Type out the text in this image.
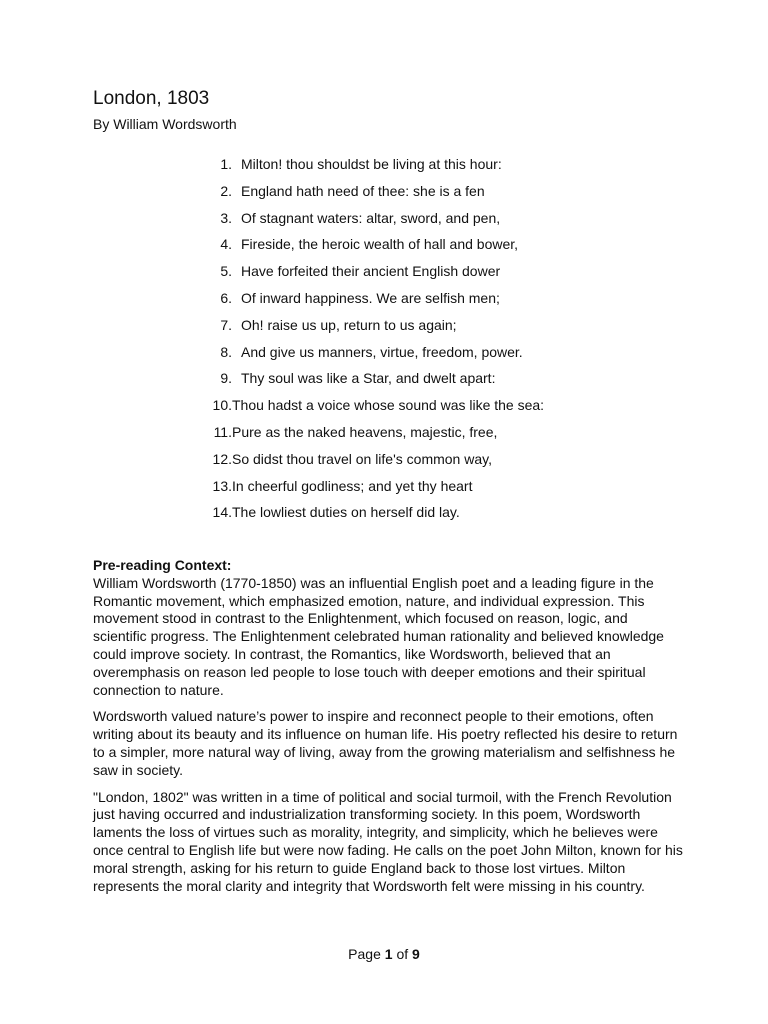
London, 1803
By William Wordsworth
1. Milton! thou shouldst be living at this hour:
2. England hath need of thee: she is a fen
3. Of stagnant waters: altar, sword, and pen,
4. Fireside, the heroic wealth of hall and bower,
5. Have forfeited their ancient English dower
6. Of inward happiness. We are selfish men;
7. Oh! raise us up, return to us again;
8. And give us manners, virtue, freedom, power.
9. Thy soul was like a Star, and dwelt apart:
10. Thou hadst a voice whose sound was like the sea:
11. Pure as the naked heavens, majestic, free,
12. So didst thou travel on life's common way,
13. In cheerful godliness; and yet thy heart
14. The lowliest duties on herself did lay.
Pre-reading Context:

William Wordsworth (1770-1850) was an influential English poet and a leading figure in the Romantic movement, which emphasized emotion, nature, and individual expression. This movement stood in contrast to the Enlightenment, which focused on reason, logic, and scientific progress. The Enlightenment celebrated human rationality and believed knowledge could improve society. In contrast, the Romantics, like Wordsworth, believed that an overemphasis on reason led people to lose touch with deeper emotions and their spiritual connection to nature.

Wordsworth valued nature’s power to inspire and reconnect people to their emotions, often writing about its beauty and its influence on human life. His poetry reflected his desire to return to a simpler, more natural way of living, away from the growing materialism and selfishness he saw in society.

"London, 1802" was written in a time of political and social turmoil, with the French Revolution just having occurred and industrialization transforming society. In this poem, Wordsworth laments the loss of virtues such as morality, integrity, and simplicity, which he believes were once central to English life but were now fading. He calls on the poet John Milton, known for his moral strength, asking for his return to guide England back to those lost virtues. Milton represents the moral clarity and integrity that Wordsworth felt were missing in his country.

Page 1 of 9
